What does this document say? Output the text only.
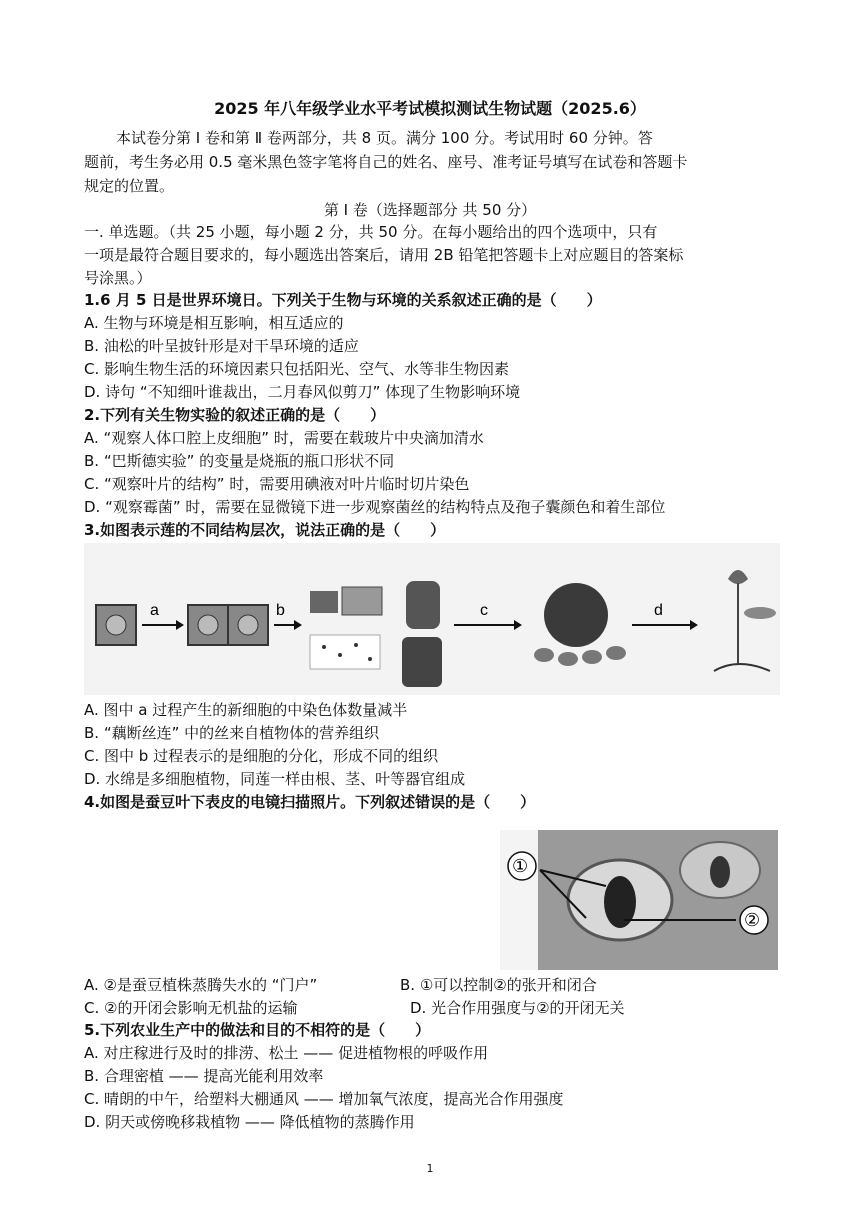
2025 年八年级学业水平考试模拟测试生物试题（2025.6）
本试卷分第 Ⅰ 卷和第 Ⅱ 卷两部分，共 8 页。满分 100 分。考试用时 60 分钟。答
题前，考生务必用 0.5 毫米黑色签字笔将自己的姓名、座号、准考证号填写在试卷和答题卡
规定的位置。
第 Ⅰ 卷（选择题部分 共 50 分）
一. 单选题。（共 25 小题，每小题 2 分，共 50 分。在每小题给出的四个选项中，只有
一项是最符合题目要求的，每小题选出答案后，请用 2B 铅笔把答题卡上对应题目的答案标
号涂黑。）
1.6 月 5 日是世界环境日。下列关于生物与环境的关系叙述正确的是（　　）
A. 生物与环境是相互影响，相互适应的
B. 油松的叶呈披针形是对干旱环境的适应
C. 影响生物生活的环境因素只包括阳光、空气、水等非生物因素
D. 诗句 “不知细叶谁裁出，二月春风似剪刀” 体现了生物影响环境
2.下列有关生物实验的叙述正确的是（　　）
A. “观察人体口腔上皮细胞” 时，需要在载玻片中央滴加清水
B. “巴斯德实验” 的变量是烧瓶的瓶口形状不同
C. “观察叶片的结构” 时，需要用碘液对叶片临时切片染色
D. “观察霉菌” 时，需要在显微镜下进一步观察菌丝的结构特点及孢子囊颜色和着生部位
3.如图表示莲的不同结构层次，说法正确的是（　　）
a	b	c	d
A. 图中 a 过程产生的新细胞的中染色体数量减半
B. “藕断丝连” 中的丝来自植物体的营养组织
C. 图中 b 过程表示的是细胞的分化，形成不同的组织
D. 水绵是多细胞植物，同莲一样由根、茎、叶等器官组成
4.如图是蚕豆叶下表皮的电镜扫描照片。下列叙述错误的是（　　）
①
②
A. ②是蚕豆植株蒸腾失水的 “门户”	B. ①可以控制②的张开和闭合
C. ②的开闭会影响无机盐的运输	D. 光合作用强度与②的开闭无关
5.下列农业生产中的做法和目的不相符的是（　　）
A. 对庄稼进行及时的排涝、松土 —— 促进植物根的呼吸作用
B. 合理密植 —— 提高光能利用效率
C. 晴朗的中午，给塑料大棚通风 —— 增加氧气浓度，提高光合作用强度
D. 阴天或傍晚移栽植物 —— 降低植物的蒸腾作用
1
